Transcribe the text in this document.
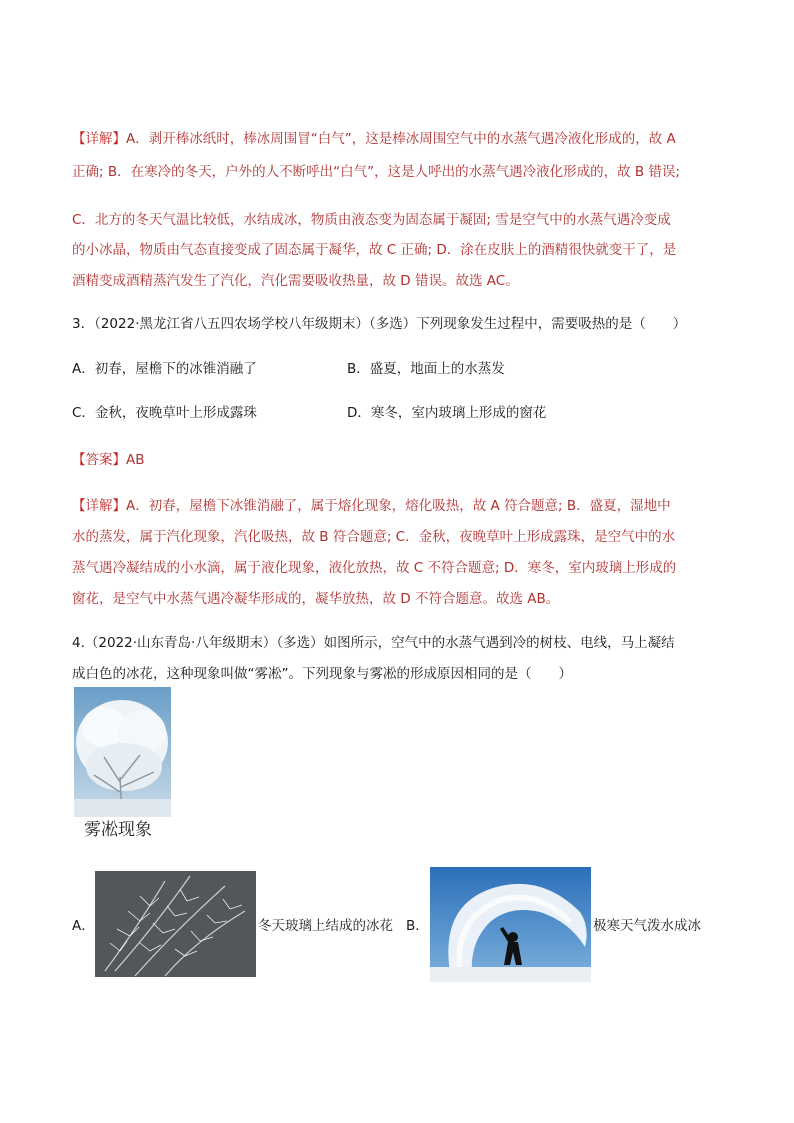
【详解】A．剥开棒冰纸时，棒冰周围冒“白气”，这是棒冰周围空气中的水蒸气遇冷液化形成的，故 A
正确; B．在寒冷的冬天，户外的人不断呼出“白气”，这是人呼出的水蒸气遇冷液化形成的，故 B 错误;
C．北方的冬天气温比较低，水结成冰，物质由液态变为固态属于凝固; 雪是空气中的水蒸气遇冷变成
的小冰晶，物质由气态直接变成了固态属于凝华，故 C 正确; D．涂在皮肤上的酒精很快就变干了，是
酒精变成酒精蒸汽发生了汽化，汽化需要吸收热量，故 D 错误。故选 AC。
3．（2022·黑龙江省八五四农场学校八年级期末）（多选）下列现象发生过程中，需要吸热的是（　　）
A．初春，屋檐下的冰锥消融了	B．盛夏，地面上的水蒸发
C．金秋，夜晚草叶上形成露珠	D．寒冬，室内玻璃上形成的窗花
【答案】AB
【详解】A．初春，屋檐下冰锥消融了，属于熔化现象，熔化吸热，故 A 符合题意; B．盛夏，湿地中
水的蒸发，属于汽化现象，汽化吸热，故 B 符合题意; C．金秋，夜晚草叶上形成露珠，是空气中的水
蒸气遇冷凝结成的小水滴，属于液化现象，液化放热，故 C 不符合题意; D．寒冬，室内玻璃上形成的
窗花，是空气中水蒸气遇冷凝华形成的，凝华放热，故 D 不符合题意。故选 AB。
4.（2022·山东青岛·八年级期末）（多选）如图所示，空气中的水蒸气遇到冷的树枝、电线，马上凝结
成白色的冰花，这种现象叫做“雾凇”。下列现象与雾凇的形成原因相同的是（　　）
雾凇现象
A．	冬天玻璃上结成的冰花 B．	极寒天气泼水成冰
